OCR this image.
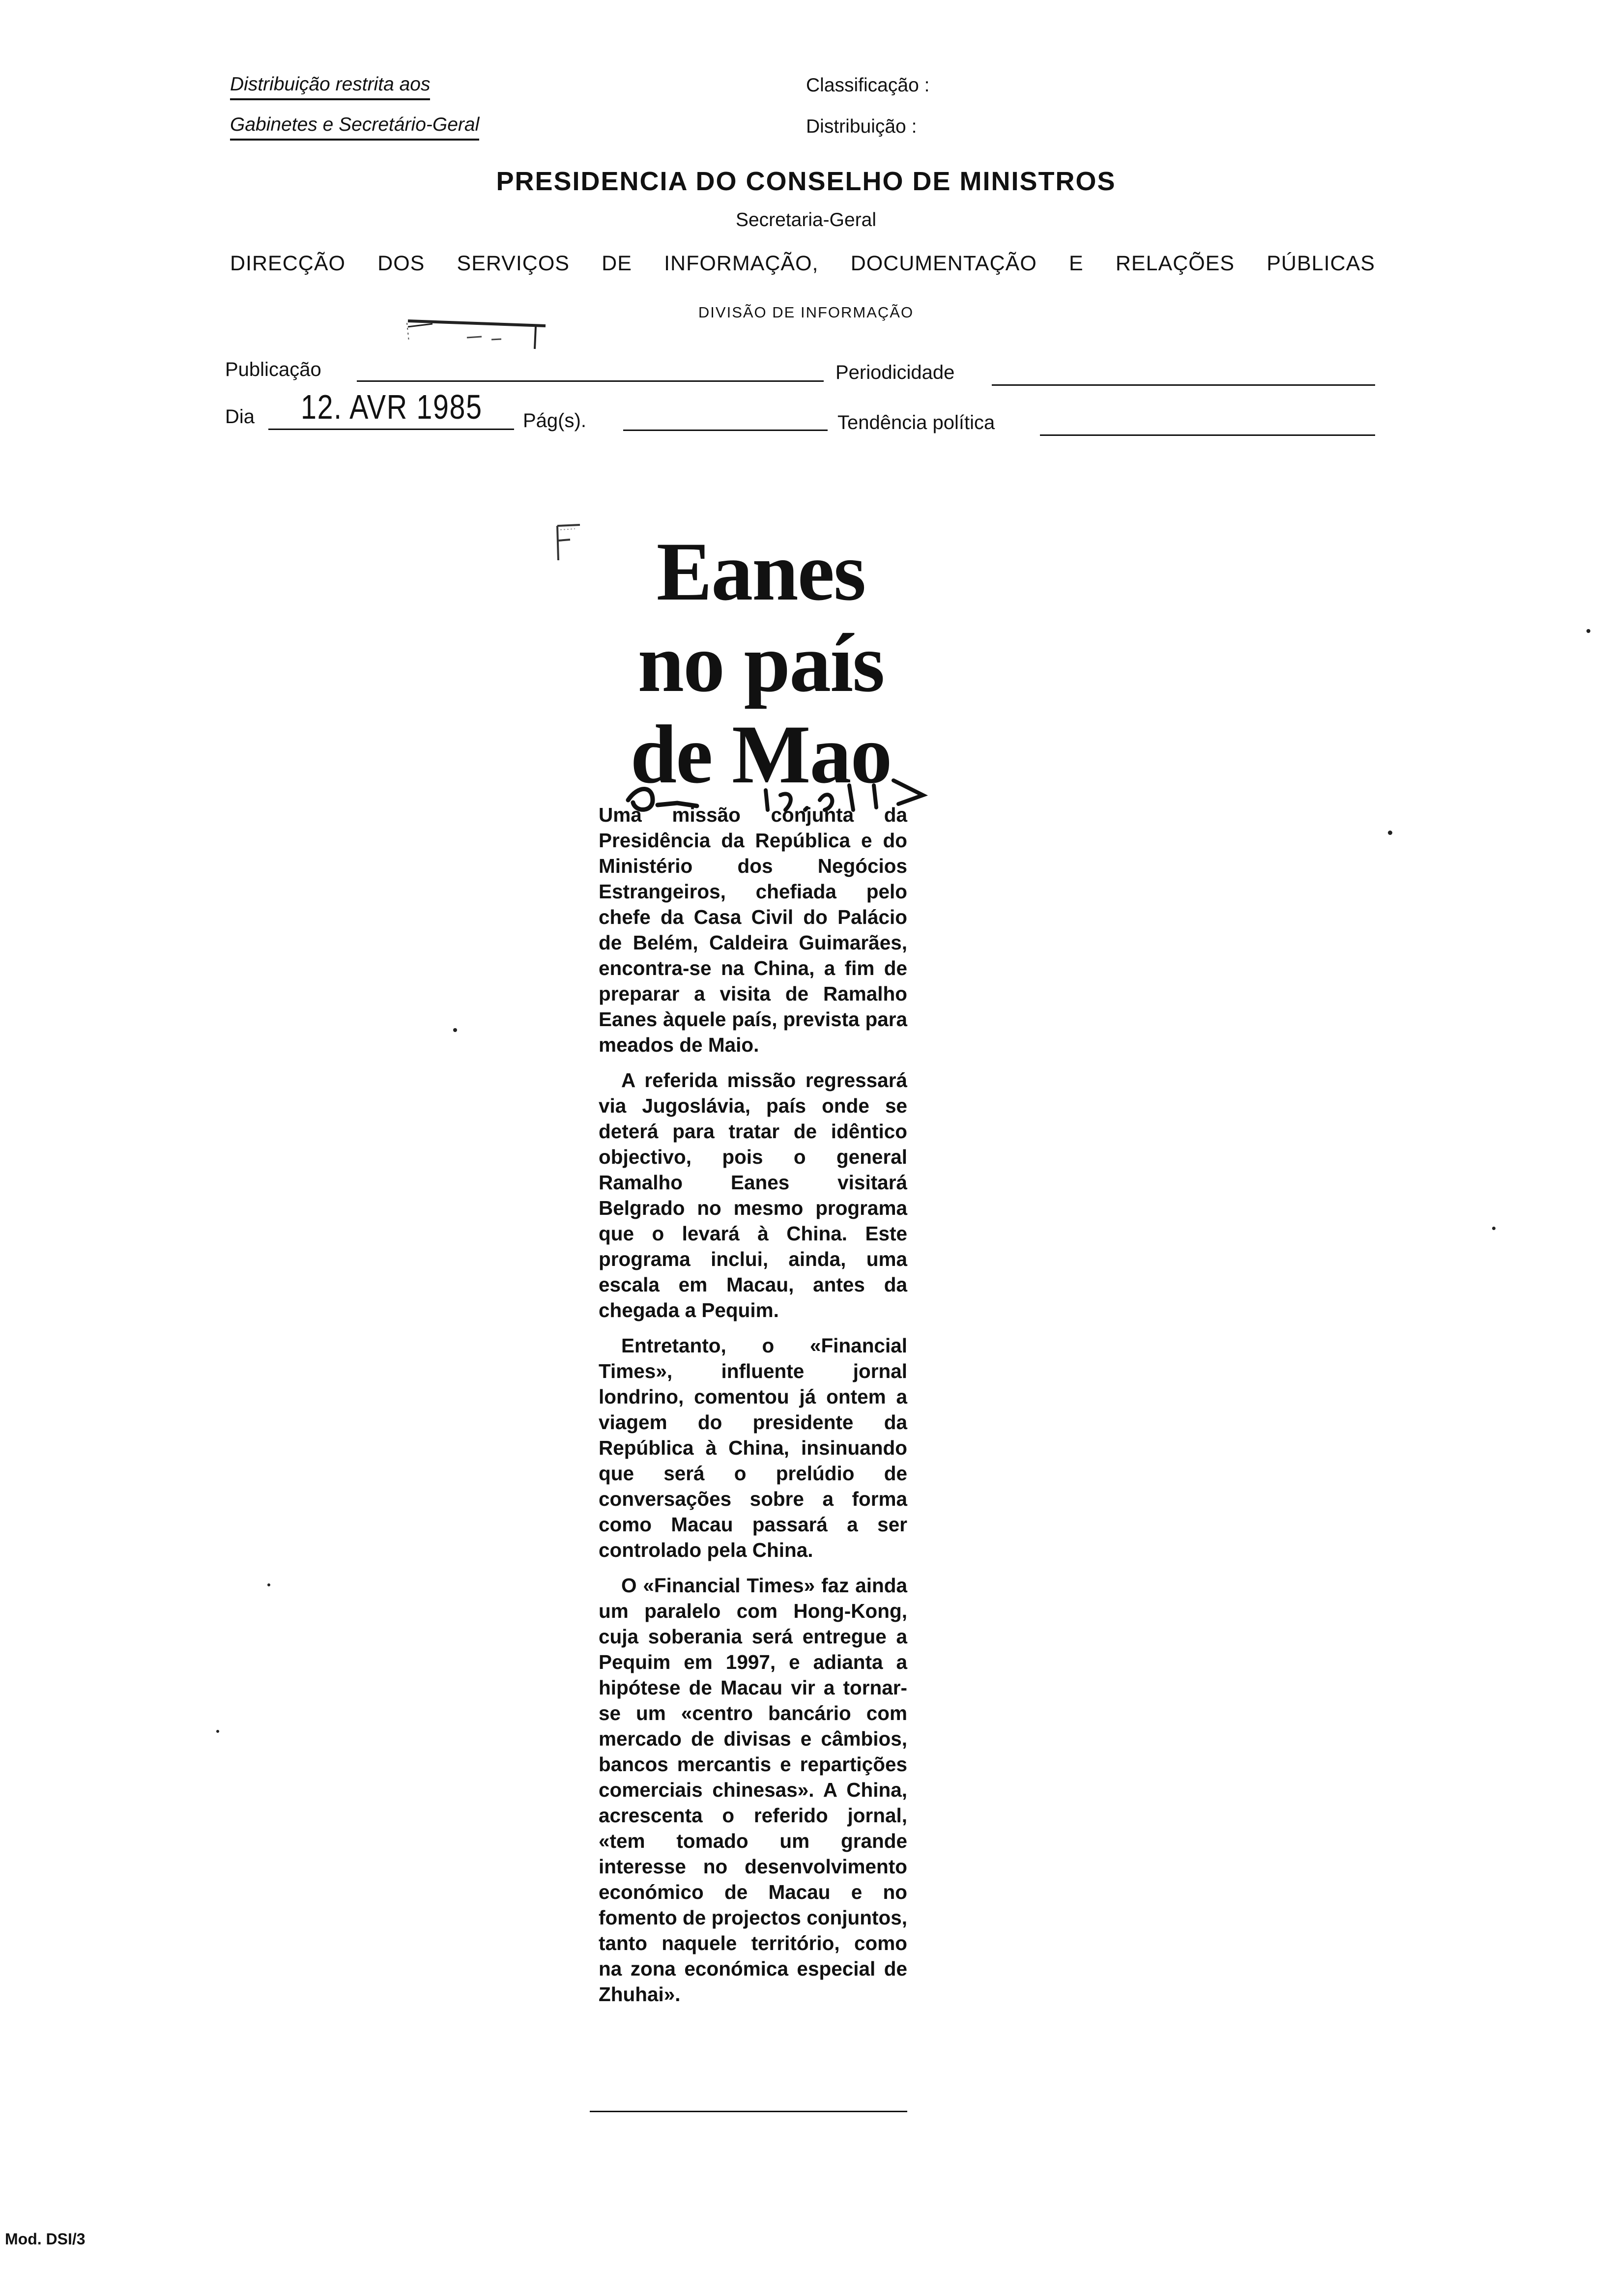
Distribuição restrita aos
Gabinetes e Secretário-Geral
Classificação :
Distribuição :
PRESIDENCIA DO CONSELHO DE MINISTROS
Secretaria-Geral
DIRECÇÃO DOS SERVIÇOS DE INFORMAÇÃO, DOCUMENTAÇÃO E RELAÇÕES PÚBLICAS
DIVISÃO DE INFORMAÇÃO
Publicação	Periodicidade
Dia 12. AVR 1985 Pág(s).	Tendência política
Eanes
no país
de Mao

Uma missão conjunta da Presidência da República e do Ministério dos Negócios Estrangeiros, chefiada pelo chefe da Casa Civil do Palácio de Belém, Caldeira Guimarães, encontra-se na China, a fim de preparar a visita de Ramalho Eanes àquele país, prevista para meados de Maio.

A referida missão regressará via Jugoslávia, país onde se deterá para tratar de idêntico objectivo, pois o general Ramalho Eanes visitará Belgrado no mesmo programa que o levará à China. Este programa inclui, ainda, uma escala em Macau, antes da chegada a Pequim.

Entretanto, o «Financial Times», influente jornal londrino, comentou já ontem a viagem do presidente da República à China, insinuando que será o prelúdio de conversações sobre a forma como Macau passará a ser controlado pela China.

O «Financial Times» faz ainda um paralelo com Hong-Kong, cuja soberania será entregue a Pequim em 1997, e adianta a hipótese de Macau vir a tornar-se um «centro bancário com mercado de divisas e câmbios, bancos mercantis e repartições comerciais chinesas». A China, acrescenta o referido jornal, «tem tomado um grande interesse no desenvolvimento económico de Macau e no fomento de projectos conjuntos, tanto naquele território, como na zona económica especial de Zhuhai».

Mod. DSI/3
